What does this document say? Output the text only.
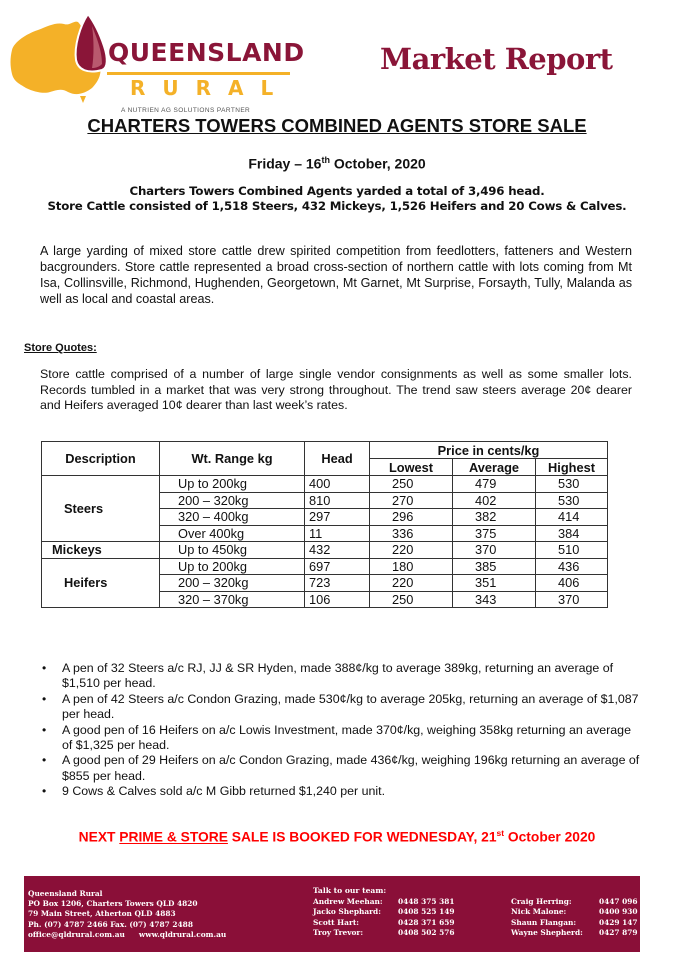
QUEENSLAND
RURAL
A NUTRIEN AG SOLUTIONS PARTNER
Market Report
CHARTERS TOWERS COMBINED AGENTS STORE SALE
Friday – 16th October, 2020
Charters Towers Combined Agents yarded a total of 3,496 head.
Store Cattle consisted of 1,518 Steers, 432 Mickeys, 1,526 Heifers and 20 Cows & Calves.

A large yarding of mixed store cattle drew spirited competition from feedlotters, fatteners and Western bacgrounders. Store cattle represented a broad cross-section of northern cattle with lots coming from Mt Isa, Collinsville, Richmond, Hughenden, Georgetown, Mt Garnet, Mt Surprise, Forsayth, Tully, Malanda as well as local and coastal areas.

Store Quotes:

Store cattle comprised of a number of large single vendor consignments as well as some smaller lots. Records tumbled in a market that was very strong throughout. The trend saw steers average 20¢ dearer and Heifers averaged 10¢ dearer than last week’s rates.

Description	Wt. Range kg	Head	Price in cents/kg		
			Lowest	Average	Highest
Steers	Up to 200kg	400	250	479	530
	200 – 320kg	810	270	402	530
	320 – 400kg	297	296	382	414
	Over 400kg	11	336	375	384
Mickeys	Up to 450kg	432	220	370	510
Heifers	Up to 200kg	697	180	385	436
	200 – 320kg	723	220	351	406
	320 – 370kg	106	250	343	370
• A pen of 32 Steers a/c RJ, JJ & SR Hyden, made 388¢/kg to average 389kg, returning an average of $1,510 per head.
• A pen of 42 Steers a/c Condon Grazing, made 530¢/kg to average 205kg, returning an average of $1,087 per head.
• A good pen of 16 Heifers on a/c Lowis Investment, made 370¢/kg, weighing 358kg returning an average of $1,325 per head.
• A good pen of 29 Heifers on a/c Condon Grazing, made 436¢/kg, weighing 196kg returning an average of $855 per head.
• 9 Cows & Calves sold a/c M Gibb returned $1,240 per unit.
NEXT PRIME & STORE SALE IS BOOKED FOR WEDNESDAY, 21st October 2020
Queensland Rural
PO Box 1206, Charters Towers QLD 4820
79 Main Street, Atherton QLD 4883
Ph. (07) 4787 2466 Fax. (07) 4787 2488
office@qldrural.com.au www.qldrural.com.au
Talk to our team:
Andrew Meehan:	0448 375 381	Craig Herring:	0447 096 061
Jacko Shephard:	0408 525 149	Nick Malone:	0400 930 512
Scott Hart:	0428 371 659	Shaun Flangan:	0429 147 150
Troy Trevor:	0408 502 576	Wayne Shepherd:	0427 879 109
